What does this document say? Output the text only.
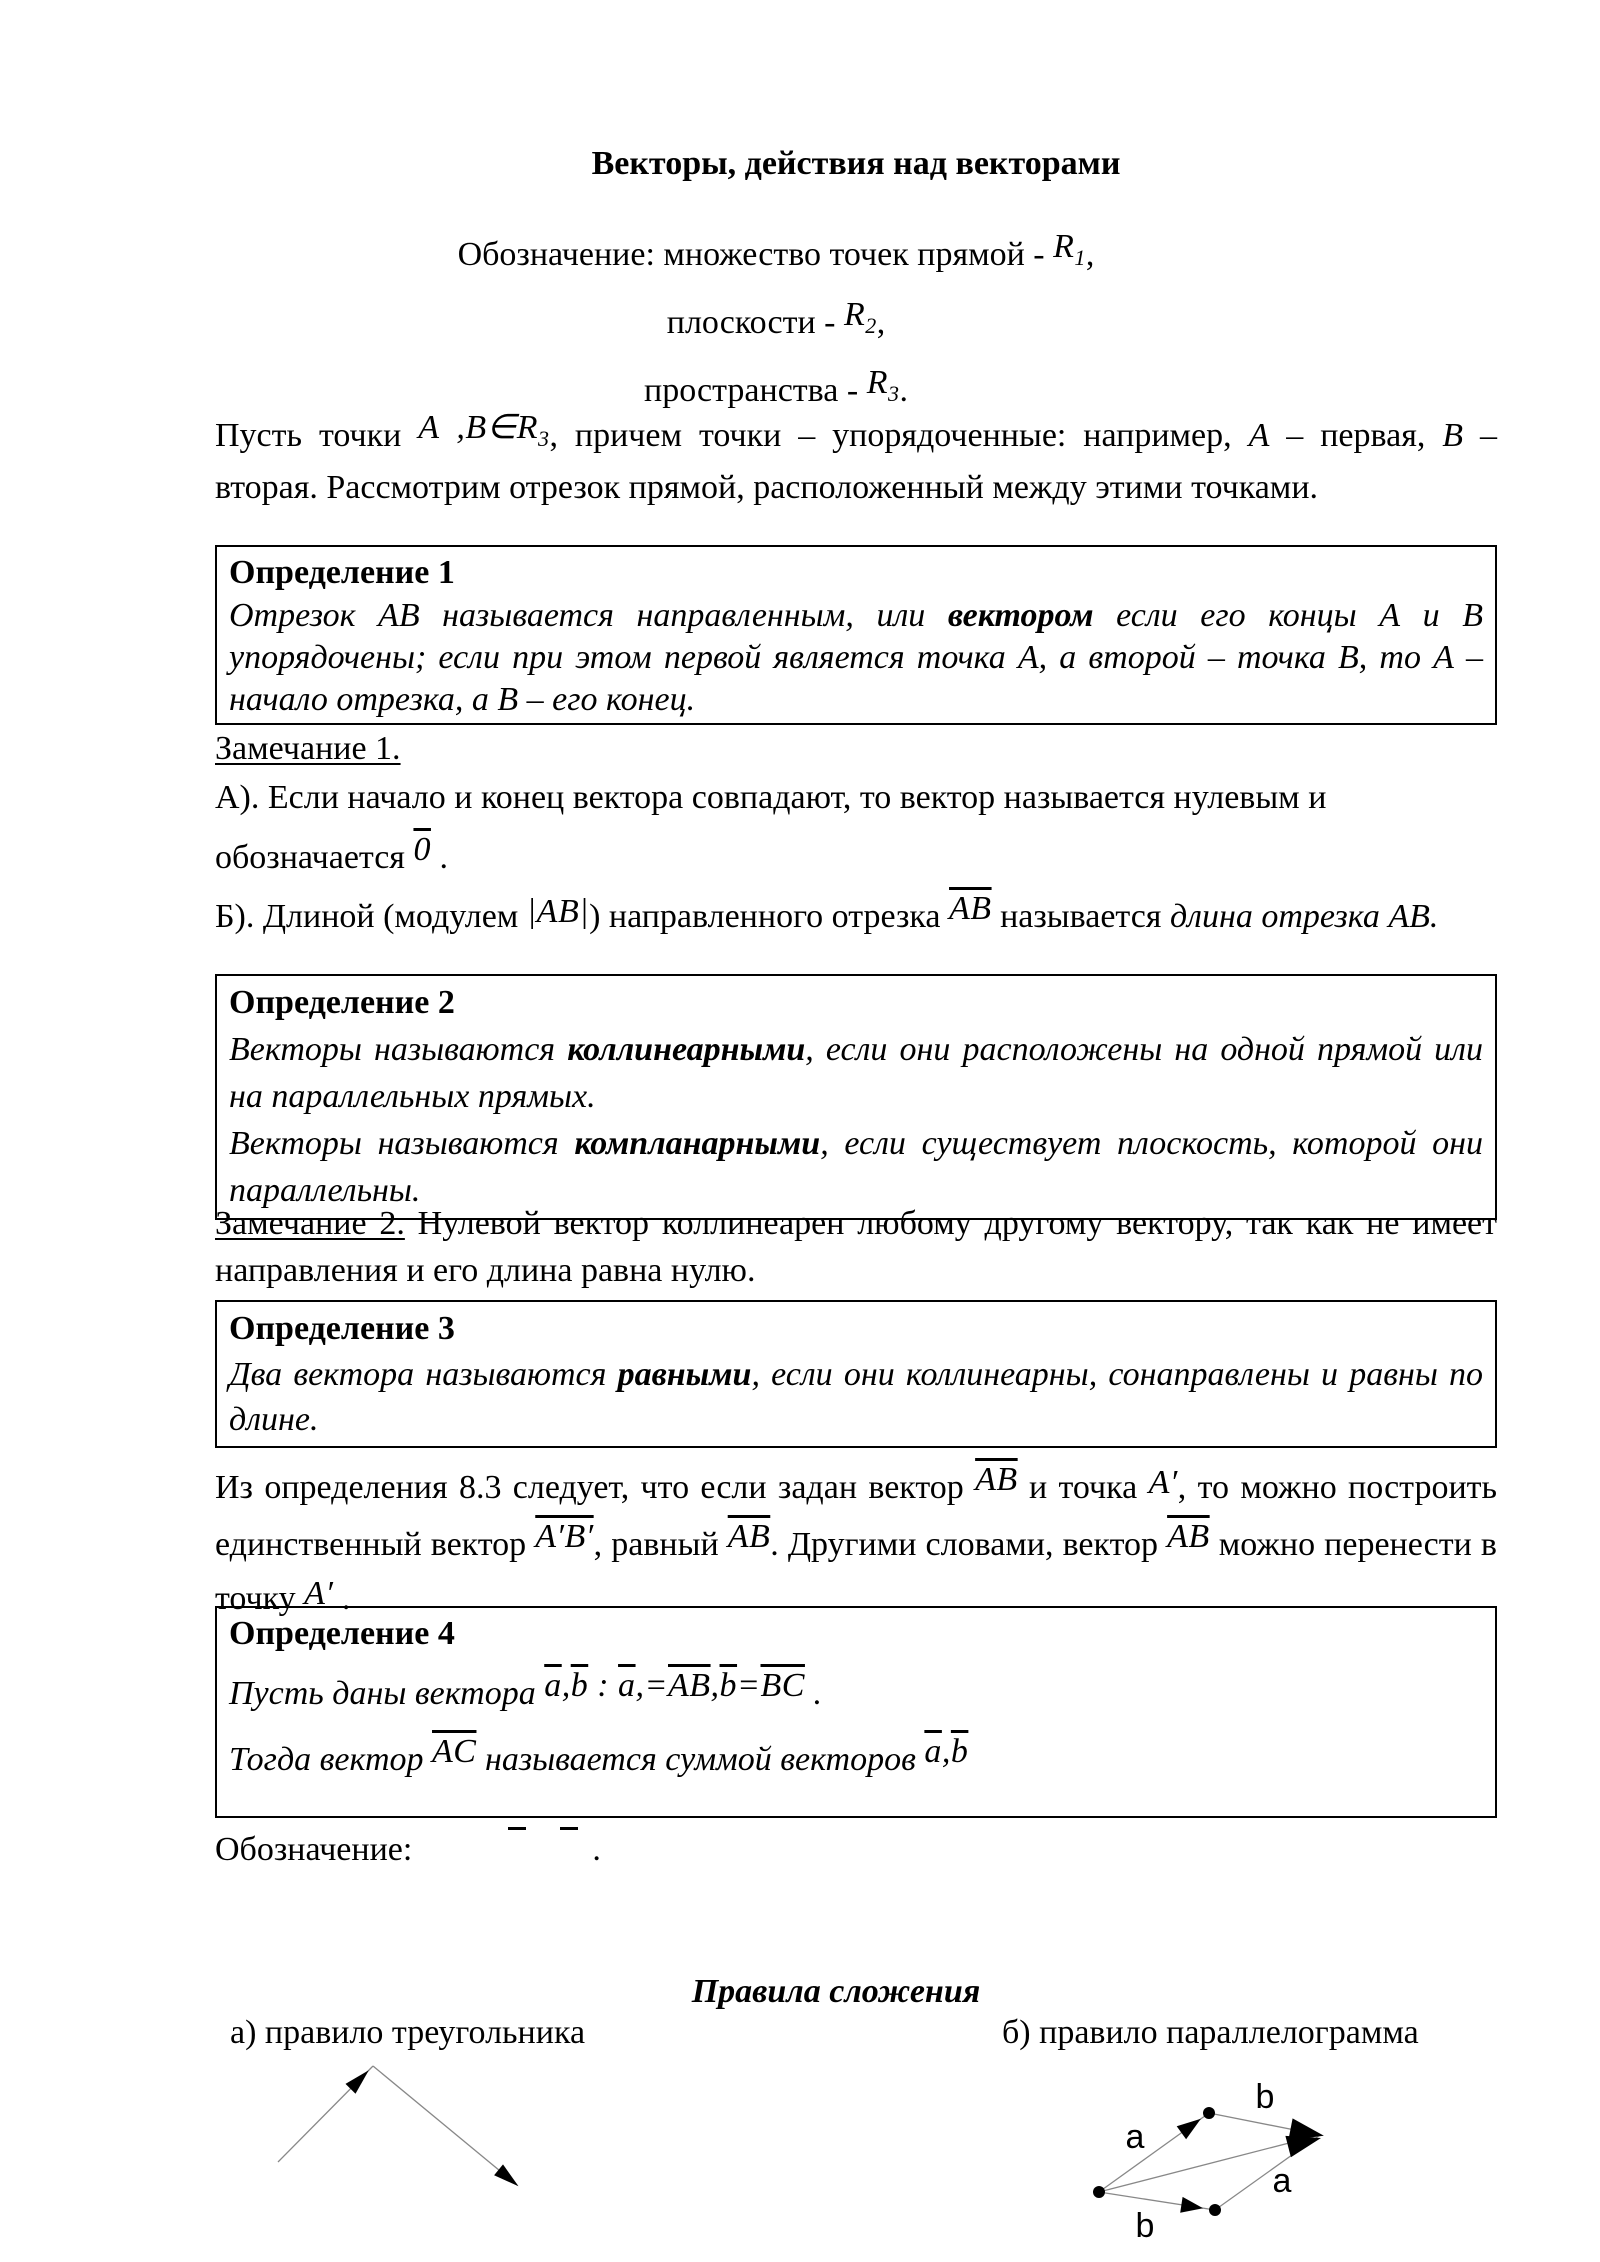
Векторы, действия над векторами
Обозначение: множество точек прямой - $R_1$,
плоскости - $R_2$,
пространства - $R_3$.

Пусть точки A $,B\in R_3$, причем точки – упорядоченные: например, A – первая, B – вторая. Рассмотрим отрезок прямой, расположенный между этими точками.

Определение 1
Отрезок АВ называется направленным, или вектором если его концы А и В упорядочены; если при этом первой является точка А, а второй – точка В, то А – начало отрезка, а В – его конец.
Замечание 1.

А). Если начало и конец вектора совпадают, то вектор называется нулевым и обозначается 0 .

Б). Длиной (модулем |AB|) направленного отрезка $\overline{AB}$ называется длина отрезка АВ.

Определение 2
Векторы называются коллинеарными, если они расположены на одной прямой или на параллельных прямых.
Векторы называются компланарными, если существует плоскость, которой они параллельны.

Замечание 2. Нулевой вектор коллинеарен любому другому вектору, так как не имеет направления и его длина равна нулю.

Определение 3
Два вектора называются равными, если они коллинеарны, сонаправлены и равны по длине.

Из определения 8.3 следует, что если задан вектор $\overline{AB}$ и точка A′, то можно построить единственный вектор A′B′, равный $\overline{AB}$. Другими словами, вектор $\overline{AB}$ можно перенести в точку A′ .

Определение 4
Пусть даны вектора $\overline{a},\overline{b}$ : $\overline{a},=\overline{AB},\overline{b}=\overline{BC}$ .
Тогда вектор $\overline{AC}$ называется суммой векторов $\overline{a},\overline{b}$
Обозначение:	.
Правила сложения
а) правило треугольника	б) правило параллелограмма
a
b
a
b
